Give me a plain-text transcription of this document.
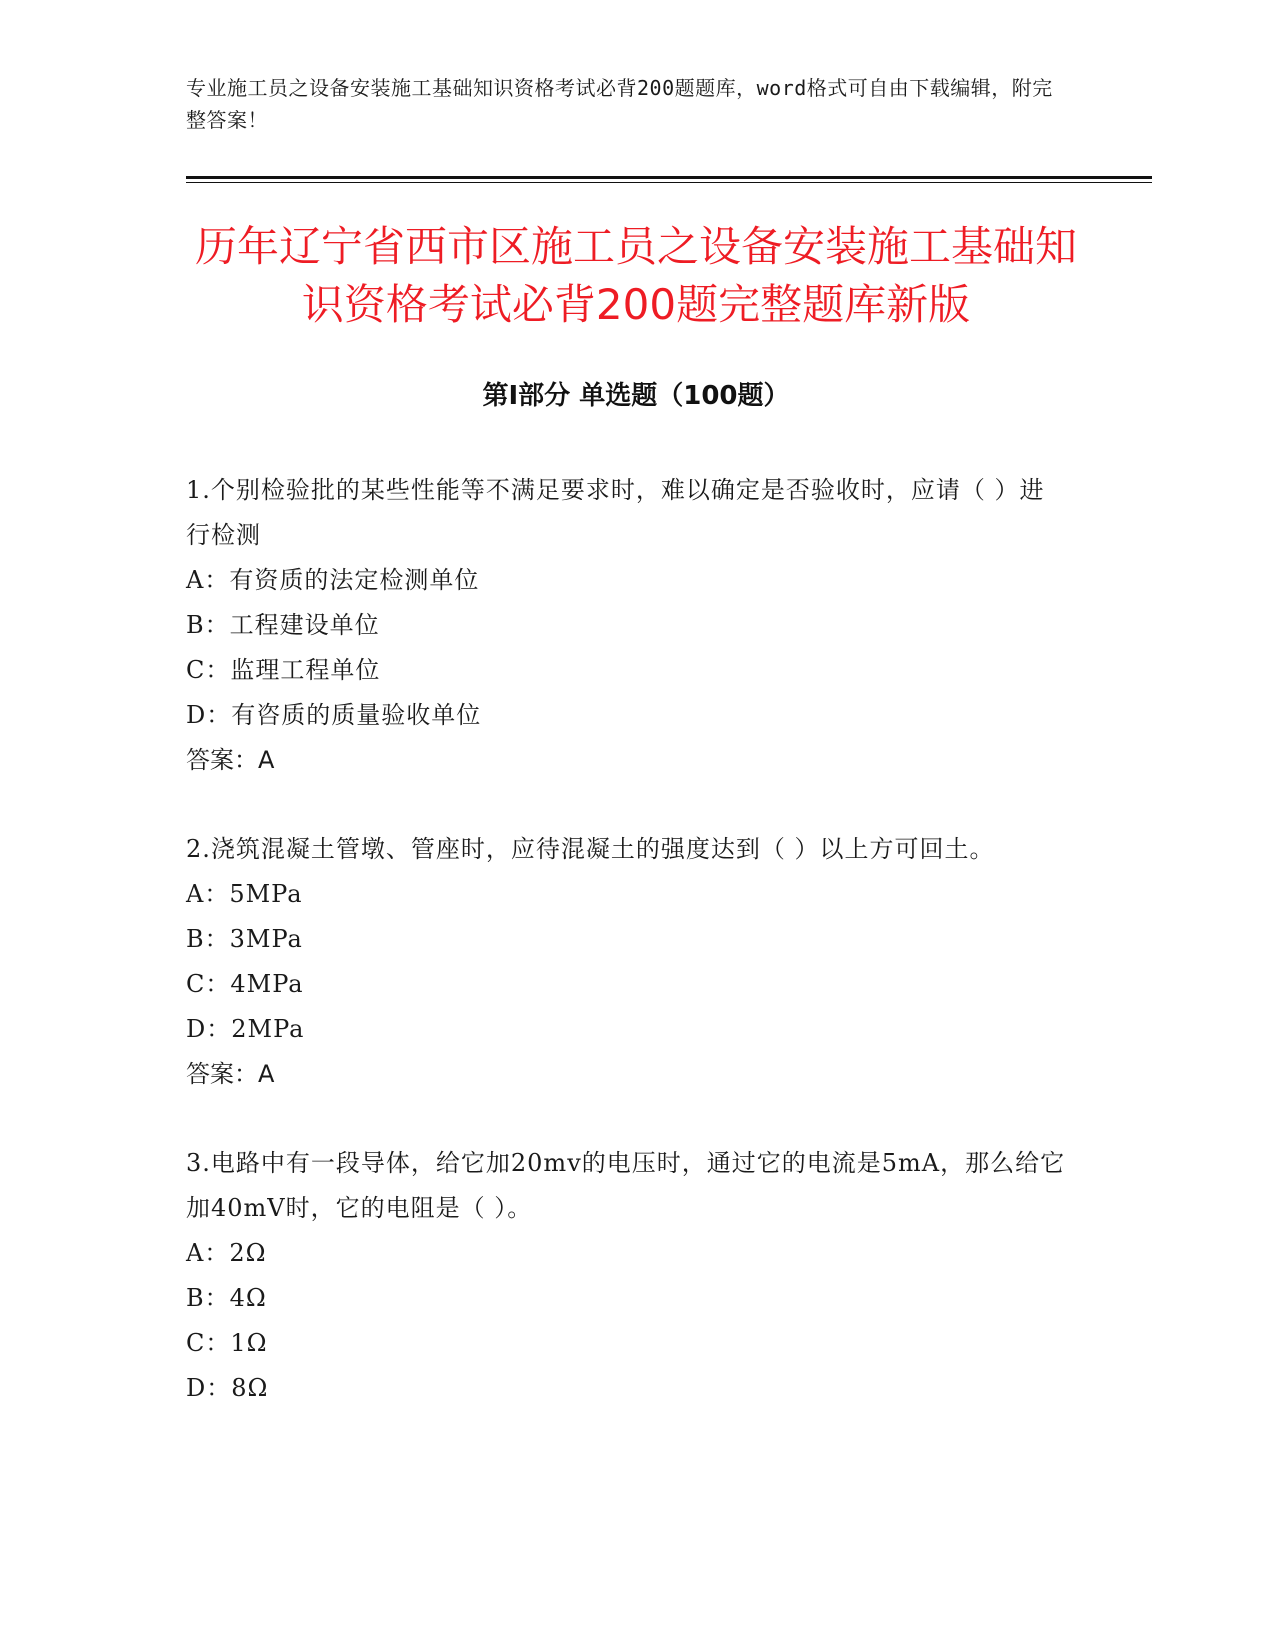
专业施工员之设备安装施工基础知识资格考试必背200题题库，word格式可自由下载编辑，附完整答案！
历年辽宁省西市区施工员之设备安装施工基础知识资格考试必背200题完整题库新版
第Ⅰ部分 单选题（100题）

1.个别检验批的某些性能等不满足要求时，难以确定是否验收时，应请（ ）进行检测

A：有资质的法定检测单位

B：工程建设单位

C：监理工程单位

D：有咨质的质量验收单位

答案：A

2.浇筑混凝土管墩、管座时，应待混凝土的强度达到（ ）以上方可回土。

A：5MPa

B：3MPa

C：4MPa

D：2MPa

答案：A

3.电路中有一段导体，给它加20mv的电压时，通过它的电流是5mA，那么给它加40mV时，它的电阻是（ ）。

A：2Ω

B：4Ω

C：1Ω

D：8Ω
